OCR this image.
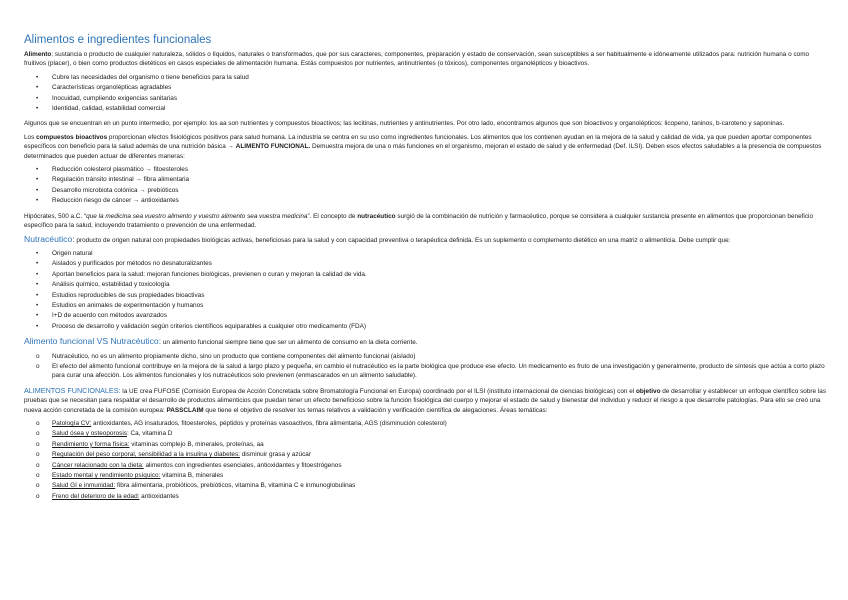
Alimentos e ingredientes funcionales

Alimento: sustancia o producto de cualquier naturaleza, sólidos o líquidos, naturales o transformados, que por sus caracteres, componentes, preparación y estado de conservación, sean susceptibles a ser habitualmente e idóneamente utilizados para: nutrición humana o como fruitivos (placer), o bien como productos dietéticos en casos especiales de alimentación humana. Estás compuestos por nutrientes, antinutrientes (o tóxicos), componentes organolépticos y bioactivos.

• Cubre las necesidades del organismo o tiene beneficios para la salud
• Características organolépticas agradables
• Inocuidad, cumpliendo exigencias sanitarias
• Identidad, calidad, estabilidad comercial

Algunos que se encuentran en un punto intermedio, por ejemplo: los aa son nutrientes y compuestos bioactivos; las lecitinas, nutrientes y antinutrientes. Por otro lado, encontramos algunos que son bioactivos y organolépticos: licopeno, taninos, b-caroteno y saponinas.

Los compuestos bioactivos proporcionan efectos fisiológicos positivos para salud humana. La industria se centra en su uso como ingredientes funcionales. Los alimentos que los contienen ayudan en la mejora de la salud y calidad de vida, ya que pueden aportar componentes específicos con beneficio para la salud además de una nutrición básica → ALIMENTO FUNCIONAL. Demuestra mejora de una o más funciones en el organismo, mejoran el estado de salud y de enfermedad (Def. ILSI). Deben esos efectos saludables a la presencia de compuestos determinados que pueden actuar de diferentes maneras:

• Reducción colesterol plasmático → fitoesteroles
• Regulación tránsito intestinal → fibra alimentaria
• Desarrollo microbiota colónica → prebióticos
• Reducción riesgo de cáncer → antioxidantes

Hipócrates, 500 a.C. “que la medicina sea vuestro alimento y vuestro alimento sea vuestra medicina”. El concepto de nutracéutico surgió de la combinación de nutrición y farmacéutico, porque se considera a cualquier sustancia presente en alimentos que proporcionan beneficio específico para la salud, incluyendo tratamiento o prevención de una enfermedad.

Nutracéutico: producto de origen natural con propiedades biológicas activas, beneficiosas para la salud y con capacidad preventiva o terapéutica definida. Es un suplemento o complemento dietético en una matriz o alimenticia. Debe cumplir que:

• Origen natural
• Aislados y purificados por métodos no desnaturalizantes
• Aportan beneficios para la salud: mejoran funciones biológicas, previenen o curan y mejoran la calidad de vida.
• Análisis químico, estabilidad y toxicología
• Estudios reproducibles de sus propiedades bioactivas
• Estudios en animales de experimentación y humanos
• I+D de acuerdo con métodos avanzados
• Proceso de desarrollo y validación según criterios científicos equiparables a cualquier otro medicamento (FDA)

Alimento funcional VS Nutracéutico: un alimento funcional siempre tiene que ser un alimento de consumo en la dieta corriente.

o Nutracéutico, no es un alimento propiamente dicho, sino un producto que contiene componentes del alimento funcional (aislado)
o El efecto del alimento funcional contribuye en la mejora de la salud a largo plazo y pequeña, en cambio el nutracéutico es la parte biológica que produce ese efecto. Un medicamento es fruto de una investigación y generalmente, producto de síntesis que actúa a corto plazo para curar una afección. Los alimentos funcionales y los nutracéuticos solo previenen (enmascarados en un alimento saludable).

ALIMENTOS FUNCIONALES: la UE crea FUFOSE (Comisión Europea de Acción Concretada sobre Bromatología Funcional en Europa) coordinado por el ILSI (instituto internacional de ciencias biológicas) con el objetivo de desarrollar y establecer un enfoque científico sobre las pruebas que se necesitan para respaldar el desarrollo de productos alimenticios que puedan tener un efecto beneficioso sobre la función fisiológica del cuerpo y mejorar el estado de salud y bienestar del individuo y reducir el riesgo a que desarrolle patologías. Para ello se creó una nueva acción concretada de la comisión europea: PASSCLAIM que tiene el objetivo de resolver los temas relativos a validación y verificación científica de alegaciones. Áreas temáticas:

o Patología CV: antioxidantes, AG insaturados, fitoesteroles, péptidos y proteínas vasoactivos, fibra alimentaria, AGS (disminución colesterol)
o Salud ósea y osteoporosis: Ca, vitamina D
o Rendimiento y forma física: vitaminas complejo B, minerales, proteínas, aa
o Regulación del peso corporal, sensibilidad a la insulina y diabetes: disminuir grasa y azúcar
o Cáncer relacionado con la dieta: alimentos con ingredientes esenciales, antioxidantes y fitoestrógenos
o Estado mental y rendimiento psíquico: vitamina B, minerales
o Salud GI e inmunidad: fibra alimentaria, probióticos, prebióticos, vitamina B, vitamina C e inmunoglobulinas
o Freno del deterioro de la edad: antioxidantes
